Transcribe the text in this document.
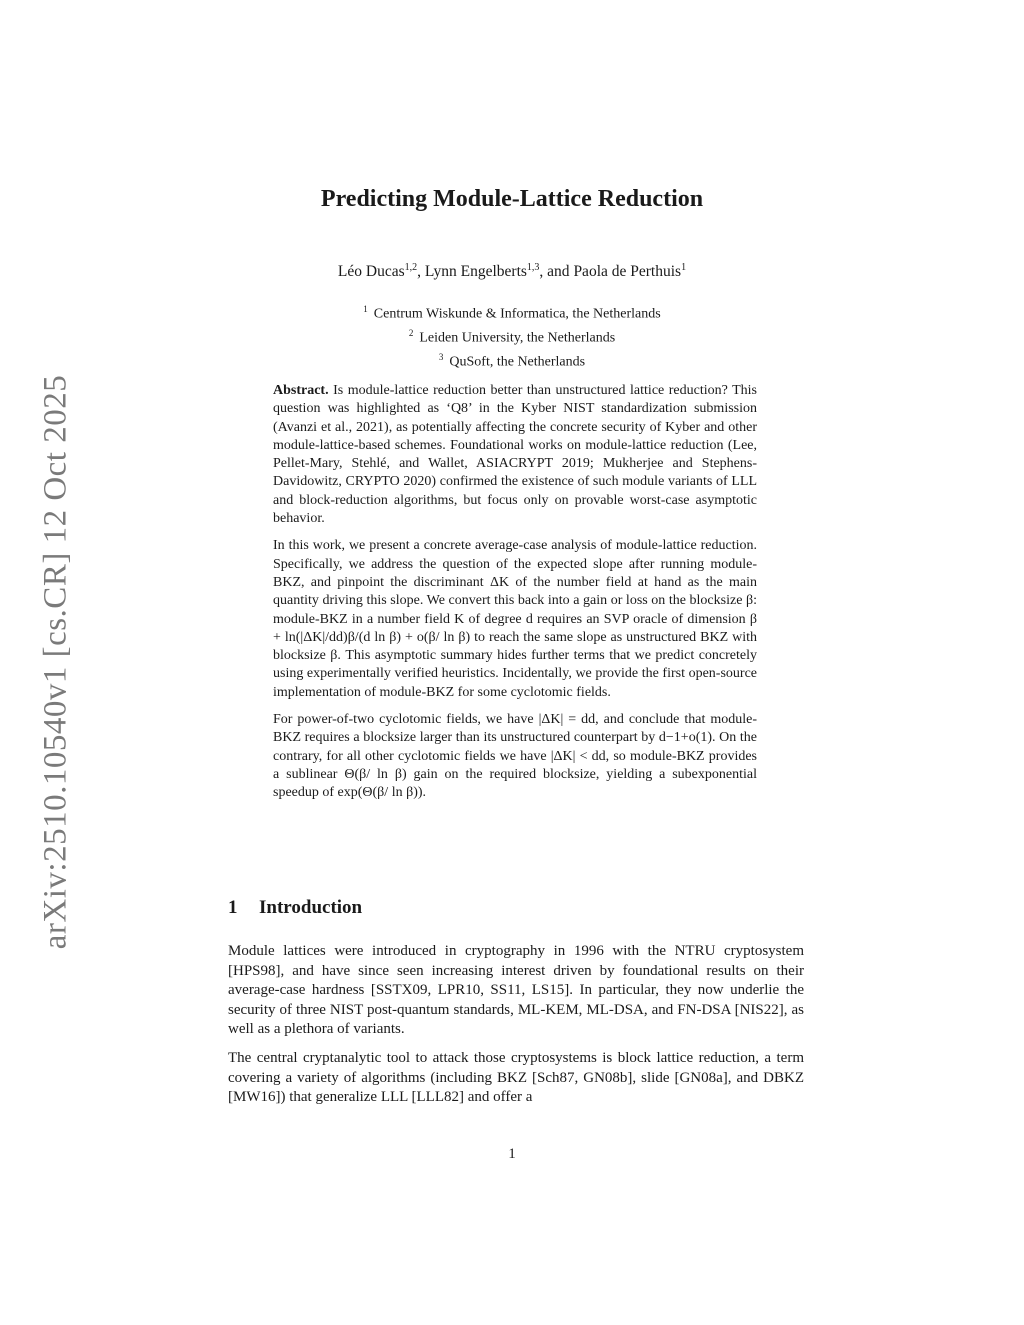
arXiv:2510.10540v1 [cs.CR] 12 Oct 2025
Predicting Module-Lattice Reduction
Léo Ducas$^{1,2}$, Lynn Engelberts$^{1,3}$, and Paola de Perthuis$^1$
$^1$ Centrum Wiskunde & Informatica, the Netherlands
$^2$ Leiden University, the Netherlands
$^3$ QuSoft, the Netherlands

Abstract. Is module-lattice reduction better than unstructured lattice reduction? This question was highlighted as ‘Q8’ in the Kyber NIST standardization submission (Avanzi et al., 2021), as potentially affecting the concrete security of Kyber and other module-lattice-based schemes. Foundational works on module-lattice reduction (Lee, Pellet-Mary, Stehlé, and Wallet, ASIACRYPT 2019; Mukherjee and Stephens-Davidowitz, CRYPTO 2020) confirmed the existence of such module variants of LLL and block-reduction algorithms, but focus only on provable worst-case asymptotic behavior.

In this work, we present a concrete average-case analysis of module-lattice reduction. Specifically, we address the question of the expected slope after running module-BKZ, and pinpoint the discriminant ΔK of the number field at hand as the main quantity driving this slope. We convert this back into a gain or loss on the blocksize β: module-BKZ in a number field K of degree d requires an SVP oracle of dimension β + ln(|ΔK|/dd)β/(d ln β) + o(β/ ln β) to reach the same slope as unstructured BKZ with blocksize β. This asymptotic summary hides further terms that we predict concretely using experimentally verified heuristics. Incidentally, we provide the first open-source implementation of module-BKZ for some cyclotomic fields.

For power-of-two cyclotomic fields, we have |ΔK| = dd, and conclude that module-BKZ requires a blocksize larger than its unstructured counterpart by d−1+o(1). On the contrary, for all other cyclotomic fields we have |ΔK| < dd, so module-BKZ provides a sublinear Θ(β/ ln β) gain on the required blocksize, yielding a subexponential speedup of exp(Θ(β/ ln β)).

1 Introduction

Module lattices were introduced in cryptography in 1996 with the NTRU cryptosystem [HPS98], and have since seen increasing interest driven by foundational results on their average-case hardness [SSTX09, LPR10, SS11, LS15]. In particular, they now underlie the security of three NIST post-quantum standards, ML-KEM, ML-DSA, and FN-DSA [NIS22], as well as a plethora of variants.

The central cryptanalytic tool to attack those cryptosystems is block lattice reduction, a term covering a variety of algorithms (including BKZ [Sch87, GN08b], slide [GN08a], and DBKZ [MW16]) that generalize LLL [LLL82] and offer a

1
